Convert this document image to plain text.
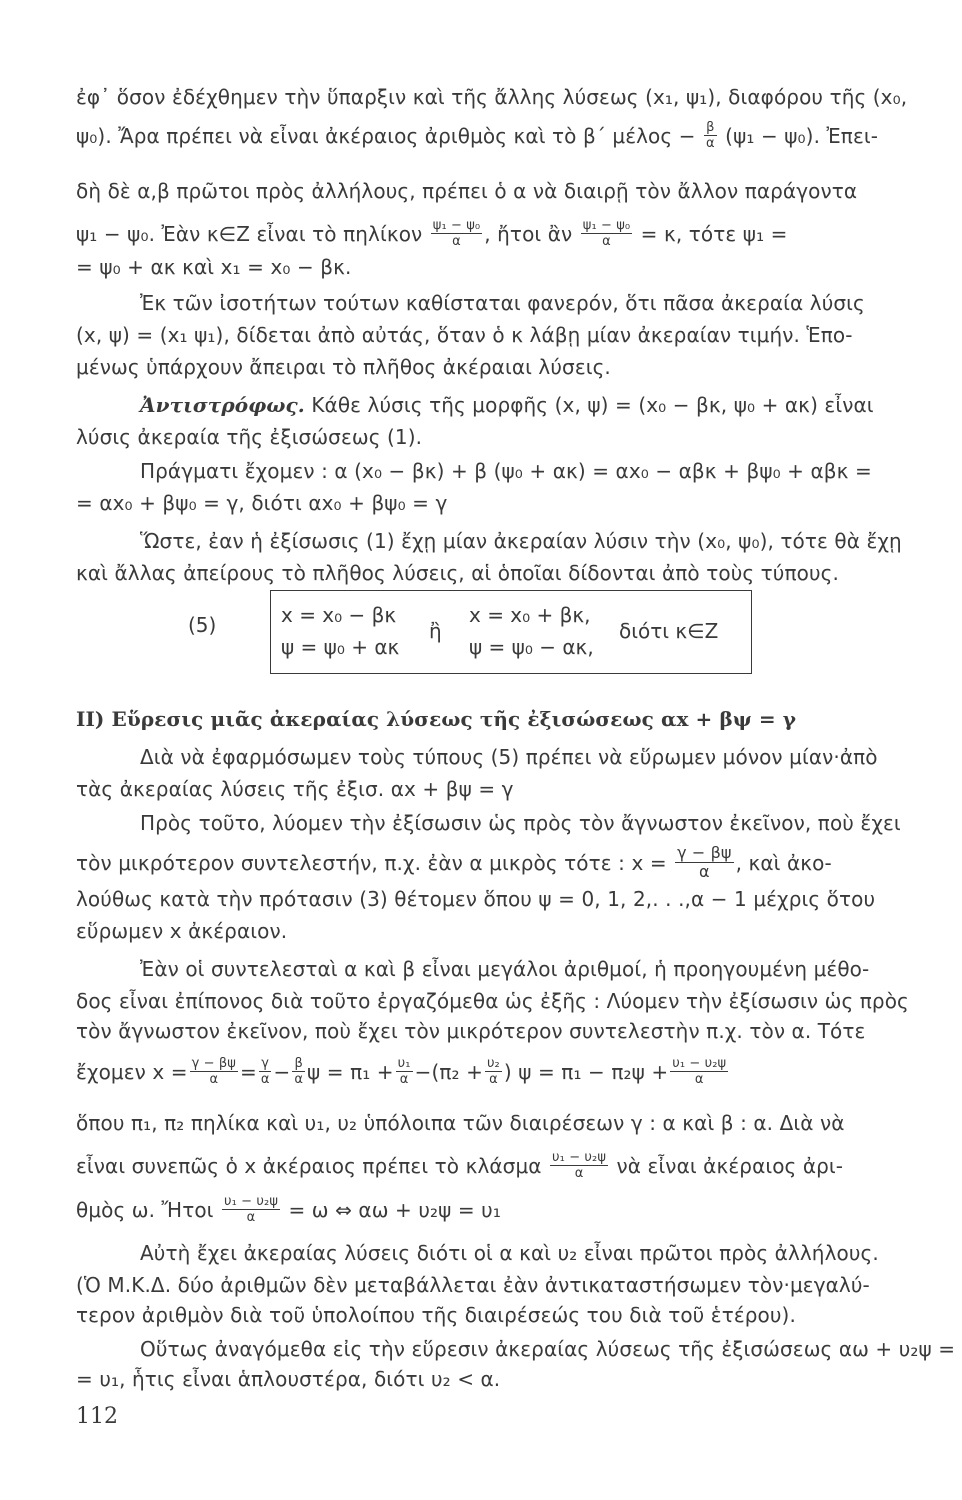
ἐφ᾽ ὅσον ἐδέχθημεν τὴν ὕπαρξιν καὶ τῆς ἄλλης λύσεως (x₁, ψ₁), διαφόρου τῆς (x₀,
ψ₀). Ἄρα πρέπει νὰ εἶναι ἀκέραιος ἀριθμὸς καὶ τὸ β΄ $\mu έ\lambda o\varsigma - \frac{\beta}{\alpha} (\psi_1 - \psi_0)$. Ἐπει-
δὴ δὲ α,β πρῶτοι πρὸς ἀλλήλους, πρέπει ὁ α νὰ διαιρῇ τὸν ἄλλον παράγοντα
ψ₁ − ψ₀. Ἐὰν κ∈Ζ εἶναι τὸ πηλίκον $\frac{\text{ψ₁ − ψ₀}}{\alpha}$ , ἤτοι ἂν $\frac{\text{ψ₁ − ψ₀}}{\alpha} = \kappa$, τότε ψ₁ =
= ψ₀ + ακ καὶ x₁ = x₀ − βκ.
Ἐκ τῶν ἰσοτήτων τούτων καθίσταται φανερόν, ὅτι πᾶσα ἀκεραία λύσις
(x, ψ) = (x₁ ψ₁), δίδεται ἀπὸ αὐτάς, ὅταν ὁ κ λάβῃ μίαν ἀκεραίαν τιμήν. Ἑπο-
μένως ὑπάρχουν ἄπειραι τὸ πλῆθος ἀκέραιαι λύσεις.
Ἀντιστρόφως. Κάθε λύσις τῆς μορφῆς (x, ψ) = (x₀ − βκ, ψ₀ + ακ) εἶναι
λύσις ἀκεραία τῆς ἐξισώσεως (1).
Πράγματι ἔχομεν : α (x₀ − βκ) + β (ψ₀ + ακ) = αx₀ − αβκ + βψ₀ + αβκ =
= αx₀ + βψ₀ = γ, διότι αx₀ + βψ₀ = γ
Ὥστε, ἐαν ἡ ἐξίσωσις (1) ἔχῃ μίαν ἀκεραίαν λύσιν τὴν (x₀, ψ₀), τότε θὰ ἔχῃ
καὶ ἄλλας ἀπείρους τὸ πλῆθος λύσεις, αἱ ὁποῖαι δίδονται ἀπὸ τοὺς τύπους.
(5)	x = x₀ − βκ
ψ = ψ₀ + ακ
ἢ
x = x₀ + βκ,
ψ = ψ₀ − ακ,
διότι κ∈Ζ
ΙΙ) Εὕρεσις μιᾶς ἀκεραίας λύσεως τῆς ἐξισώσεως αx + βψ = γ
Διὰ νὰ ἐφαρμόσωμεν τοὺς τύπους (5) πρέπει νὰ εὕρωμεν μόνον μίαν·ἀπὸ
τὰς ἀκεραίας λύσεις τῆς ἐξισ. αx + βψ = γ
Πρὸς τοῦτο, λύομεν τὴν ἐξίσωσιν ὡς πρὸς τὸν ἄγνωστον ἐκεῖνον, ποὺ ἔχει
τὸν μικρότερον συντελεστήν, π.χ. ἐὰν α μικρὸς τότε : $x = \frac{\gamma - \beta\psi}{\alpha}$ , καὶ ἀκο-
λούθως κατὰ τὴν πρότασιν (3) θέτομεν ὅπου ψ = 0, 1, 2,. . .,α − 1 μέχρις ὅτου
εὕρωμεν x ἀκέραιον.
Ἐὰν οἱ συντελεσταὶ α καὶ β εἶναι μεγάλοι ἀριθμοί, ἡ προηγουμένη μέθο-
δος εἶναι ἐπίπονος διὰ τοῦτο ἐργαζόμεθα ὡς ἐξῆς : Λύομεν τὴν ἐξίσωσιν ὡς πρὸς
τὸν ἄγνωστον ἐκεῖνον, ποὺ ἔχει τὸν μικρότερον συντελεστὴν π.χ. τὸν α. Τότε
ἔχομεν $x = \frac{\gamma - \beta\psi}{\alpha} = \frac{\gamma}{\alpha} - \frac{\beta}{\alpha}$ $\psi = \pi_1 + \frac{\text{υ₁}}{\alpha} -(\pi_2 + \frac{\text{υ₂}}{\alpha}$ ) $\psi = \pi_1 - \pi_2\psi + \frac{\text{υ₁ − υ₂ψ}}{\alpha}$
ὅπου π₁, π₂ πηλίκα καὶ υ₁, υ₂ ὑπόλοιπα τῶν διαιρέσεων γ : α καὶ β : α. Διὰ νὰ
εἶναι συνεπῶς ὁ x ἀκέραιος πρέπει τὸ κλάσμα $\frac{\text{υ₁ − υ₂ψ}}{\alpha}$ νὰ εἶναι ἀκέραιος ἀρι-
θμὸς ω. Ἤτοι $\frac{\text{υ₁ − υ₂ψ}}{\alpha} = \omega$ ⇔ αω + υ₂ψ = υ₁
Αὐτὴ ἔχει ἀκεραίας λύσεις διότι οἱ α καὶ υ₂ εἶναι πρῶτοι πρὸς ἀλλήλους.
(Ὁ Μ.Κ.Δ. δύο ἀριθμῶν δὲν μεταβάλλεται ἐὰν ἀντικαταστήσωμεν τὸν·μεγαλύ-
τερον ἀριθμὸν διὰ τοῦ ὑπολοίπου τῆς διαιρέσεώς του διὰ τοῦ ἑτέρου).
Οὕτως ἀναγόμεθα εἰς τὴν εὕρεσιν ἀκεραίας λύσεως τῆς ἐξισώσεως αω + υ₂ψ =
= υ₁, ἧτις εἶναι ἁπλουστέρα, διότι υ₂ < α.
112
